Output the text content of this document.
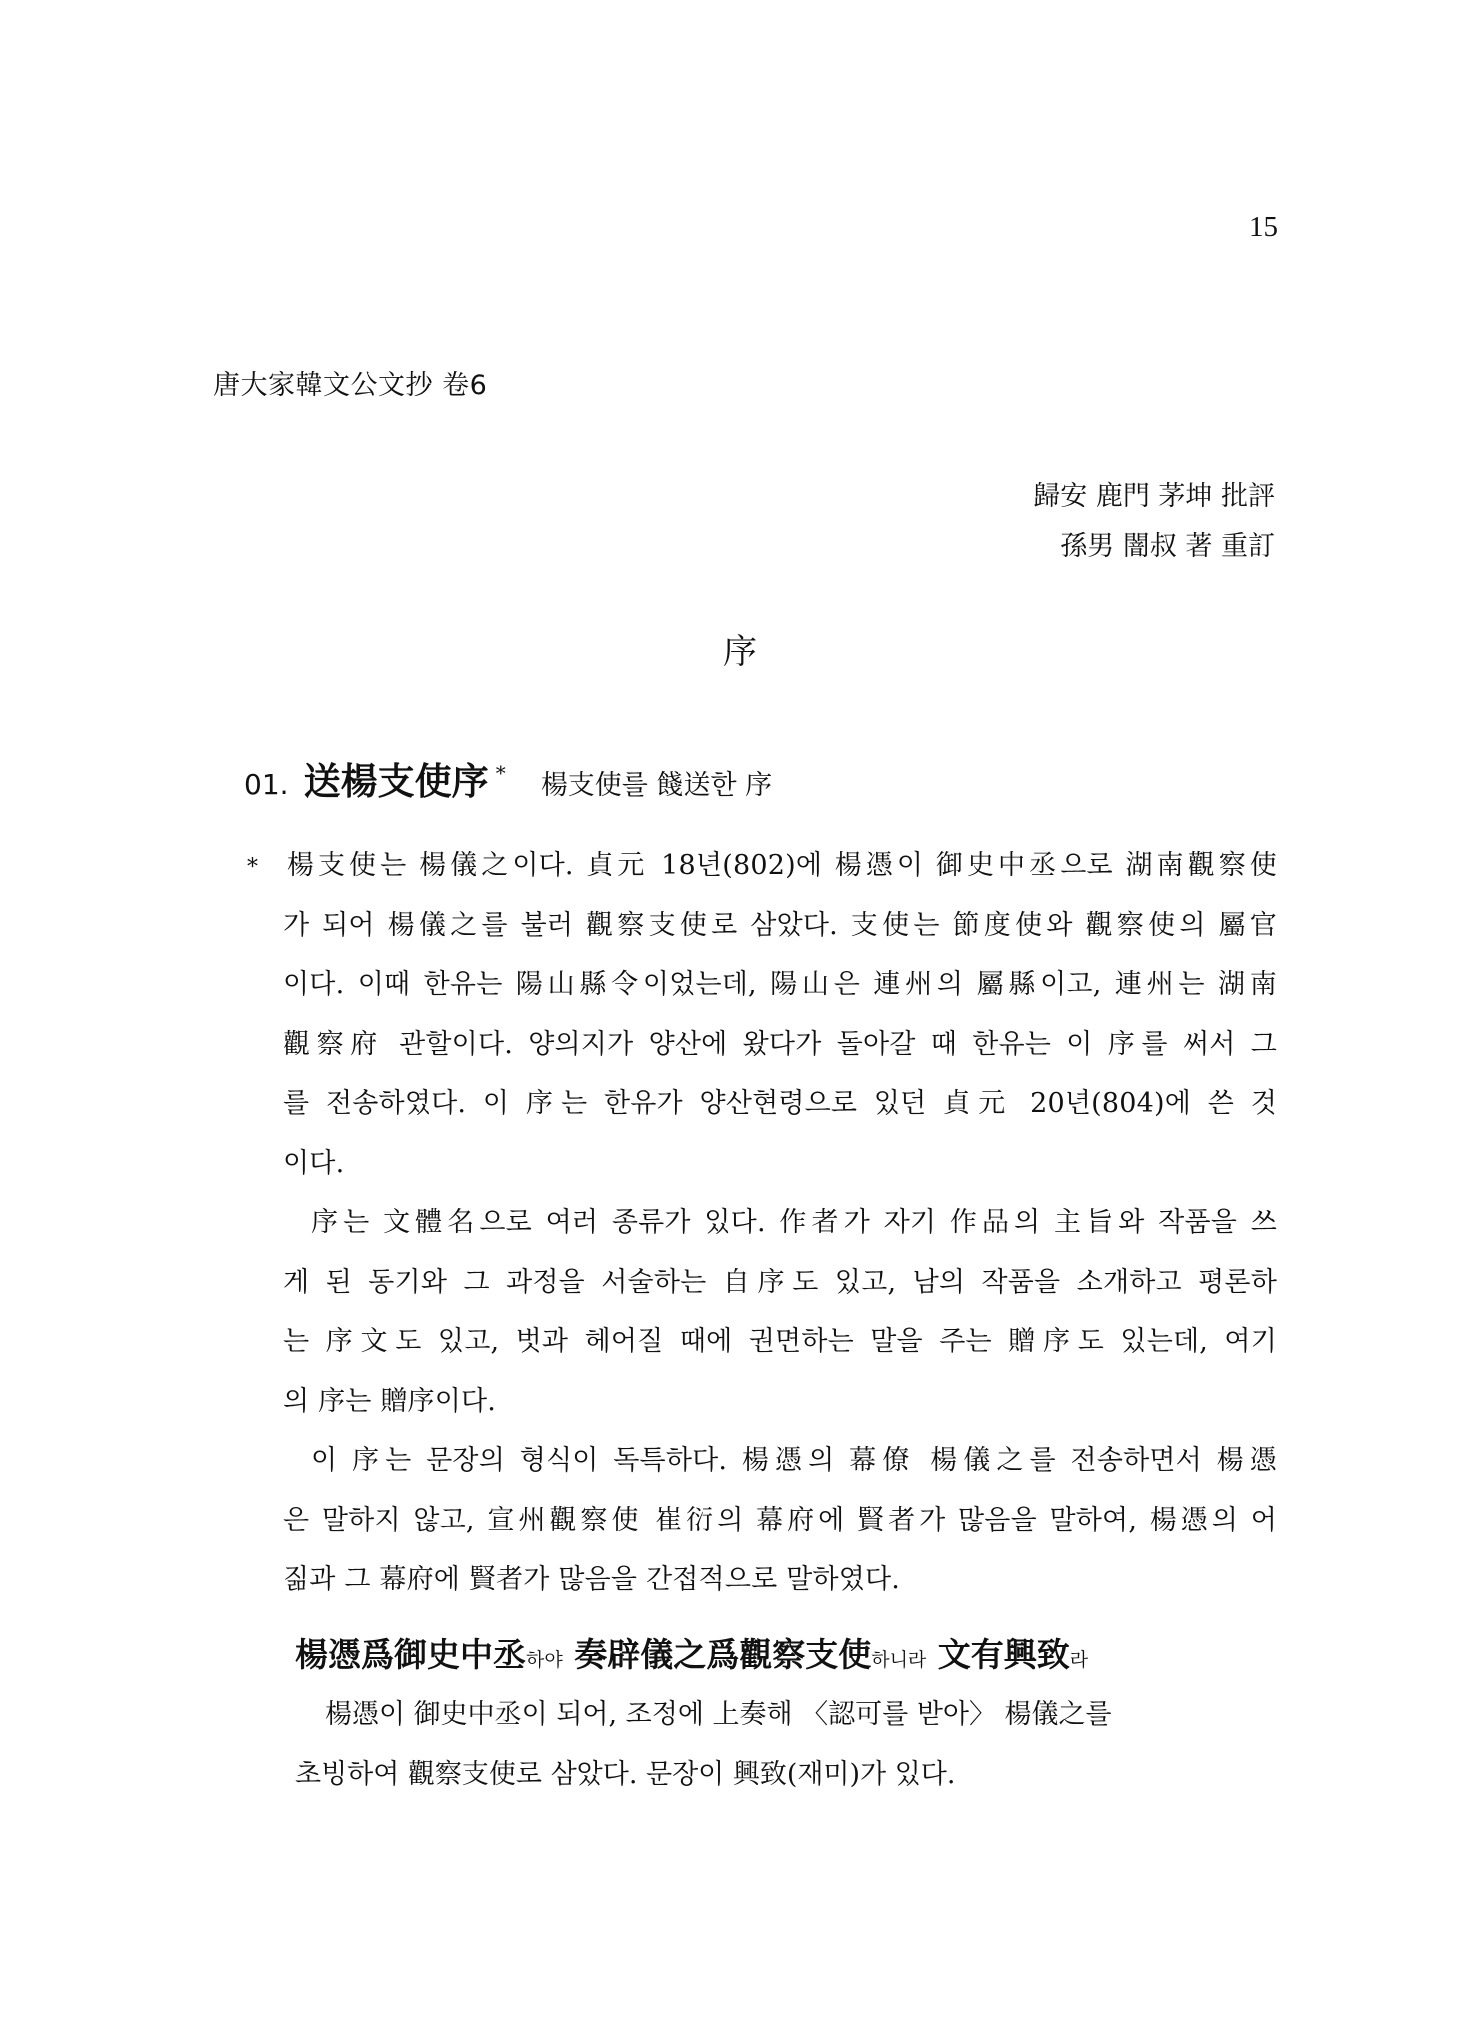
15
唐大家韓文公文抄 卷6
歸安 鹿門 茅坤 批評
孫男 闇叔 著 重訂
序
01. 送楊支使序 * 楊支使를 餞送한 序
* 楊支使는 楊儀之이다. 貞元 18년(802)에 楊憑이 御史中丞으로 湖南觀察使
가 되어 楊儀之를 불러 觀察支使로 삼았다. 支使는 節度使와 觀察使의 屬官
이다. 이때 한유는 陽山縣令이었는데, 陽山은 連州의 屬縣이고, 連州는 湖南
觀察府 관할이다. 양의지가 양산에 왔다가 돌아갈 때 한유는 이 序를 써서 그
를 전송하였다. 이 序는 한유가 양산현령으로 있던 貞元 20년(804)에 쓴 것
이다.
序는 文體名으로 여러 종류가 있다. 作者가 자기 作品의 主旨와 작품을 쓰
게 된 동기와 그 과정을 서술하는 自序도 있고, 남의 작품을 소개하고 평론하
는 序文도 있고, 벗과 헤어질 때에 권면하는 말을 주는 贈序도 있는데, 여기
의 序는 贈序이다.
이 序는 문장의 형식이 독특하다. 楊憑의 幕僚 楊儀之를 전송하면서 楊憑
은 말하지 않고, 宣州觀察使 崔衍의 幕府에 賢者가 많음을 말하여, 楊憑의 어
짊과 그 幕府에 賢者가 많음을 간접적으로 말하였다.
楊憑爲御史中丞하야 奏辟儀之爲觀察支使하니라 文有興致라
楊憑이 御史中丞이 되어, 조정에 上奏해 〈認可를 받아〉 楊儀之를
초빙하여 觀察支使로 삼았다. 문장이 興致(재미)가 있다.
